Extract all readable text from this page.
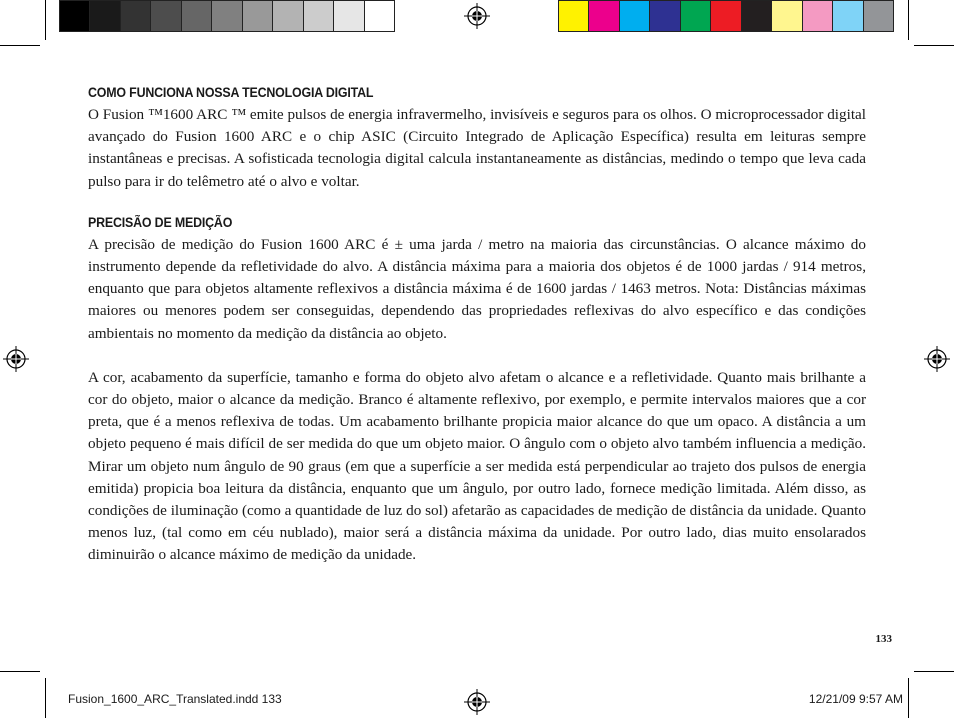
COMO FUNCIONA NOSSA TECNOLOGIA DIGITAL

O Fusion ™1600 ARC ™ emite pulsos de energia infravermelho, invisíveis e seguros para os olhos. O microprocessador digital avançado do Fusion 1600 ARC e o chip ASIC (Circuito Integrado de Aplicação Específica) resulta em leituras sempre instantâneas e precisas. A sofisticada tecnologia digital calcula instantaneamente as distâncias, medindo o tempo que leva cada pulso para ir do telêmetro até o alvo e voltar.

PRECISÃO DE MEDIÇÃO

A precisão de medição do Fusion 1600 ARC é ± uma jarda / metro na maioria das circunstâncias. O alcance máximo do instrumento depende da refletividade do alvo. A distância máxima para a maioria dos objetos é de 1000 jardas / 914 metros, enquanto que para objetos altamente reflexivos a distância máxima é de 1600 jardas / 1463 metros. Nota: Distâncias máximas maiores ou menores podem ser conseguidas, dependendo das propriedades reflexivas do alvo específico e das condições ambientais no momento da medição da distância ao objeto.

A cor, acabamento da superfície, tamanho e forma do objeto alvo afetam o alcance e a refletividade. Quanto mais brilhante a cor do objeto, maior o alcance da medição. Branco é altamente reflexivo, por exemplo, e permite intervalos maiores que a cor preta, que é a menos reflexiva de todas. Um acabamento brilhante propicia maior alcance do que um opaco. A distância a um objeto pequeno é mais difícil de ser medida do que um objeto maior. O ângulo com o objeto alvo também influencia a medição. Mirar um objeto num ângulo de 90 graus (em que a superfície a ser medida está perpendicular ao trajeto dos pulsos de energia emitida) propicia boa leitura da distância, enquanto que um ângulo, por outro lado, fornece medição limitada. Além disso, as condições de iluminação (como a quantidade de luz do sol) afetarão as capacidades de medição de distância da unidade. Quanto menos luz, (tal como em céu nublado), maior será a distância máxima da unidade. Por outro lado, dias muito ensolarados diminuirão o alcance máximo de medição da unidade.

133
Fusion_1600_ARC_Translated.indd 133	12/21/09 9:57 AM
